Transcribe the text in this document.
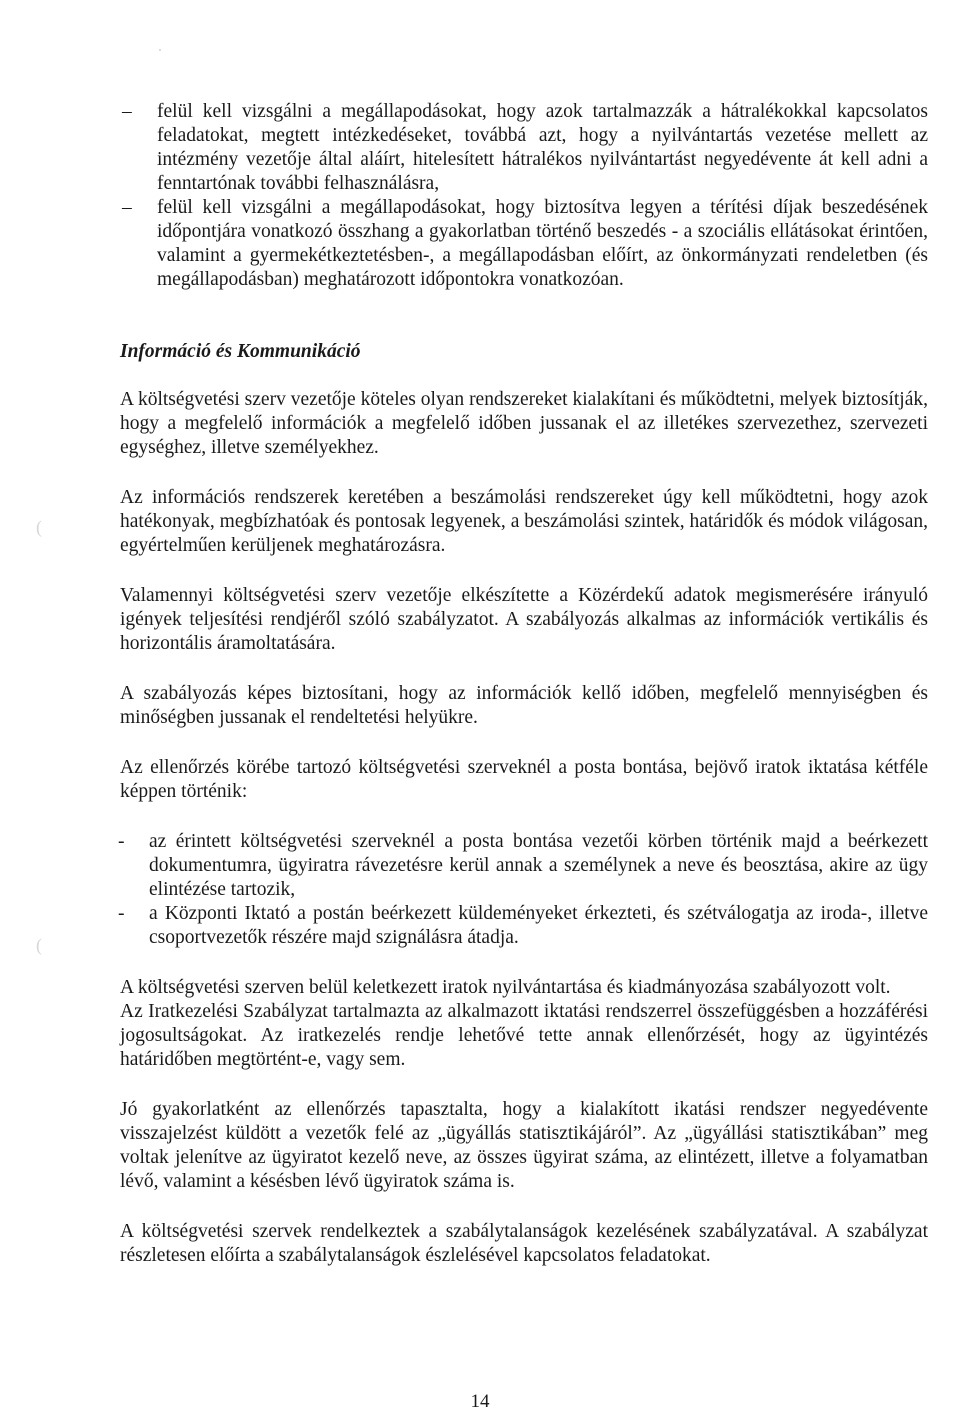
– felül kell vizsgálni a megállapodásokat, hogy azok tartalmazzák a hátralékokkal kapcsolatos feladatokat, megtett intézkedéseket, továbbá azt, hogy a nyilvántartás vezetése mellett az intézmény vezetője által aláírt, hitelesített hátralékos nyilvántartást negyedévente át kell adni a fenntartónak további felhasználásra,
– felül kell vizsgálni a megállapodásokat, hogy biztosítva legyen a térítési díjak beszedésének időpontjára vonatkozó összhang a gyakorlatban történő beszedés - a szociális ellátásokat érintően, valamint a gyermekétkeztetésben-, a megállapodásban előírt, az önkormányzati rendeletben (és megállapodásban) meghatározott időpontokra vonatkozóan.

Információ és Kommunikáció

A költségvetési szerv vezetője köteles olyan rendszereket kialakítani és működtetni, melyek biztosítják, hogy a megfelelő információk a megfelelő időben jussanak el az illetékes szervezethez, szervezeti egységhez, illetve személyekhez.

Az információs rendszerek keretében a beszámolási rendszereket úgy kell működtetni, hogy azok hatékonyak, megbízhatóak és pontosak legyenek, a beszámolási szintek, határidők és módok világosan, egyértelműen kerüljenek meghatározásra.

Valamennyi költségvetési szerv vezetője elkészítette a Közérdekű adatok megismerésére irányuló igények teljesítési rendjéről szóló szabályzatot. A szabályozás alkalmas az információk vertikális és horizontális áramoltatására.

A szabályozás képes biztosítani, hogy az információk kellő időben, megfelelő mennyiségben és minőségben jussanak el rendeltetési helyükre.

Az ellenőrzés körébe tartozó költségvetési szerveknél a posta bontása, bejövő iratok iktatása kétféle képpen történik:

- az érintett költségvetési szerveknél a posta bontása vezetői körben történik majd a beérkezett dokumentumra, ügyiratra rávezetésre kerül annak a személynek a neve és beosztása, akire az ügy elintézése tartozik,
- a Központi Iktató a postán beérkezett küldeményeket érkezteti, és szétválogatja az iroda-, illetve csoportvezetők részére majd szignálásra átadja.

A költségvetési szerven belül keletkezett iratok nyilvántartása és kiadmányozása szabályozott volt.

Az Iratkezelési Szabályzat tartalmazta az alkalmazott iktatási rendszerrel összefüggésben a hozzáférési jogosultságokat. Az iratkezelés rendje lehetővé tette annak ellenőrzését, hogy az ügyintézés határidőben megtörtént-e, vagy sem.

Jó gyakorlatként az ellenőrzés tapasztalta, hogy a kialakított ikatási rendszer negyedévente visszajelzést küldött a vezetők felé az „ügyállás statisztikájáról”. Az „ügyállási statisztikában” meg voltak jelenítve az ügyiratot kezelő neve, az összes ügyirat száma, az elintézett, illetve a folyamatban lévő, valamint a késésben lévő ügyiratok száma is.

A költségvetési szervek rendelkeztek a szabálytalanságok kezelésének szabályzatával. A szabályzat részletesen előírta a szabálytalanságok észlelésével kapcsolatos feladatokat.

·
(
(
14
